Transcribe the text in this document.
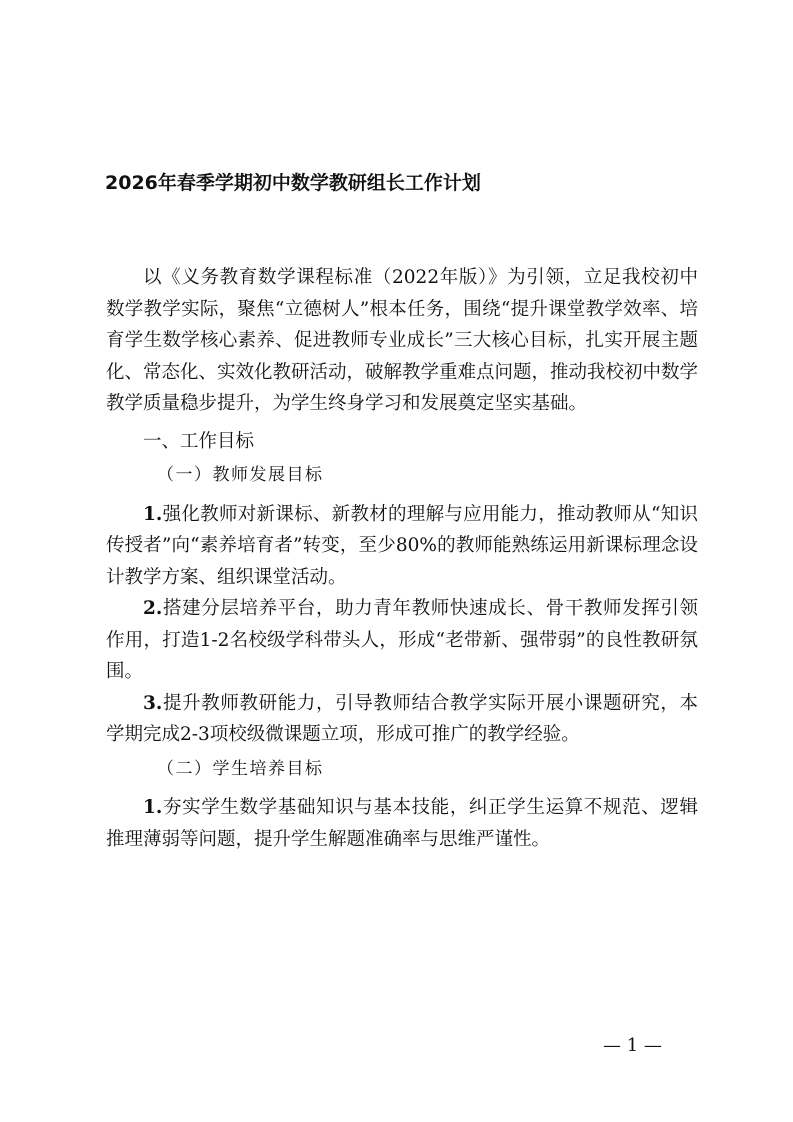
2026年春季学期初中数学教研组长工作计划

以《义务教育数学课程标准（2022年版）》为引领，立足我校初中数学教学实际，聚焦“立德树人”根本任务，围绕“提升课堂教学效率、培育学生数学核心素养、促进教师专业成长”三大核心目标，扎实开展主题化、常态化、实效化教研活动，破解教学重难点问题，推动我校初中数学教学质量稳步提升，为学生终身学习和发展奠定坚实基础。

一、工作目标

（一）教师发展目标

1.强化教师对新课标、新教材的理解与应用能力，推动教师从“知识传授者”向“素养培育者”转变，至少80%的教师能熟练运用新课标理念设计教学方案、组织课堂活动。

2.搭建分层培养平台，助力青年教师快速成长、骨干教师发挥引领作用，打造1-2名校级学科带头人，形成“老带新、强带弱”的良性教研氛围。

3.提升教师教研能力，引导教师结合教学实际开展小课题研究，本学期完成2-3项校级微课题立项，形成可推广的教学经验。

（二）学生培养目标

1.夯实学生数学基础知识与基本技能，纠正学生运算不规范、逻辑推理薄弱等问题，提升学生解题准确率与思维严谨性。

— 1 —
